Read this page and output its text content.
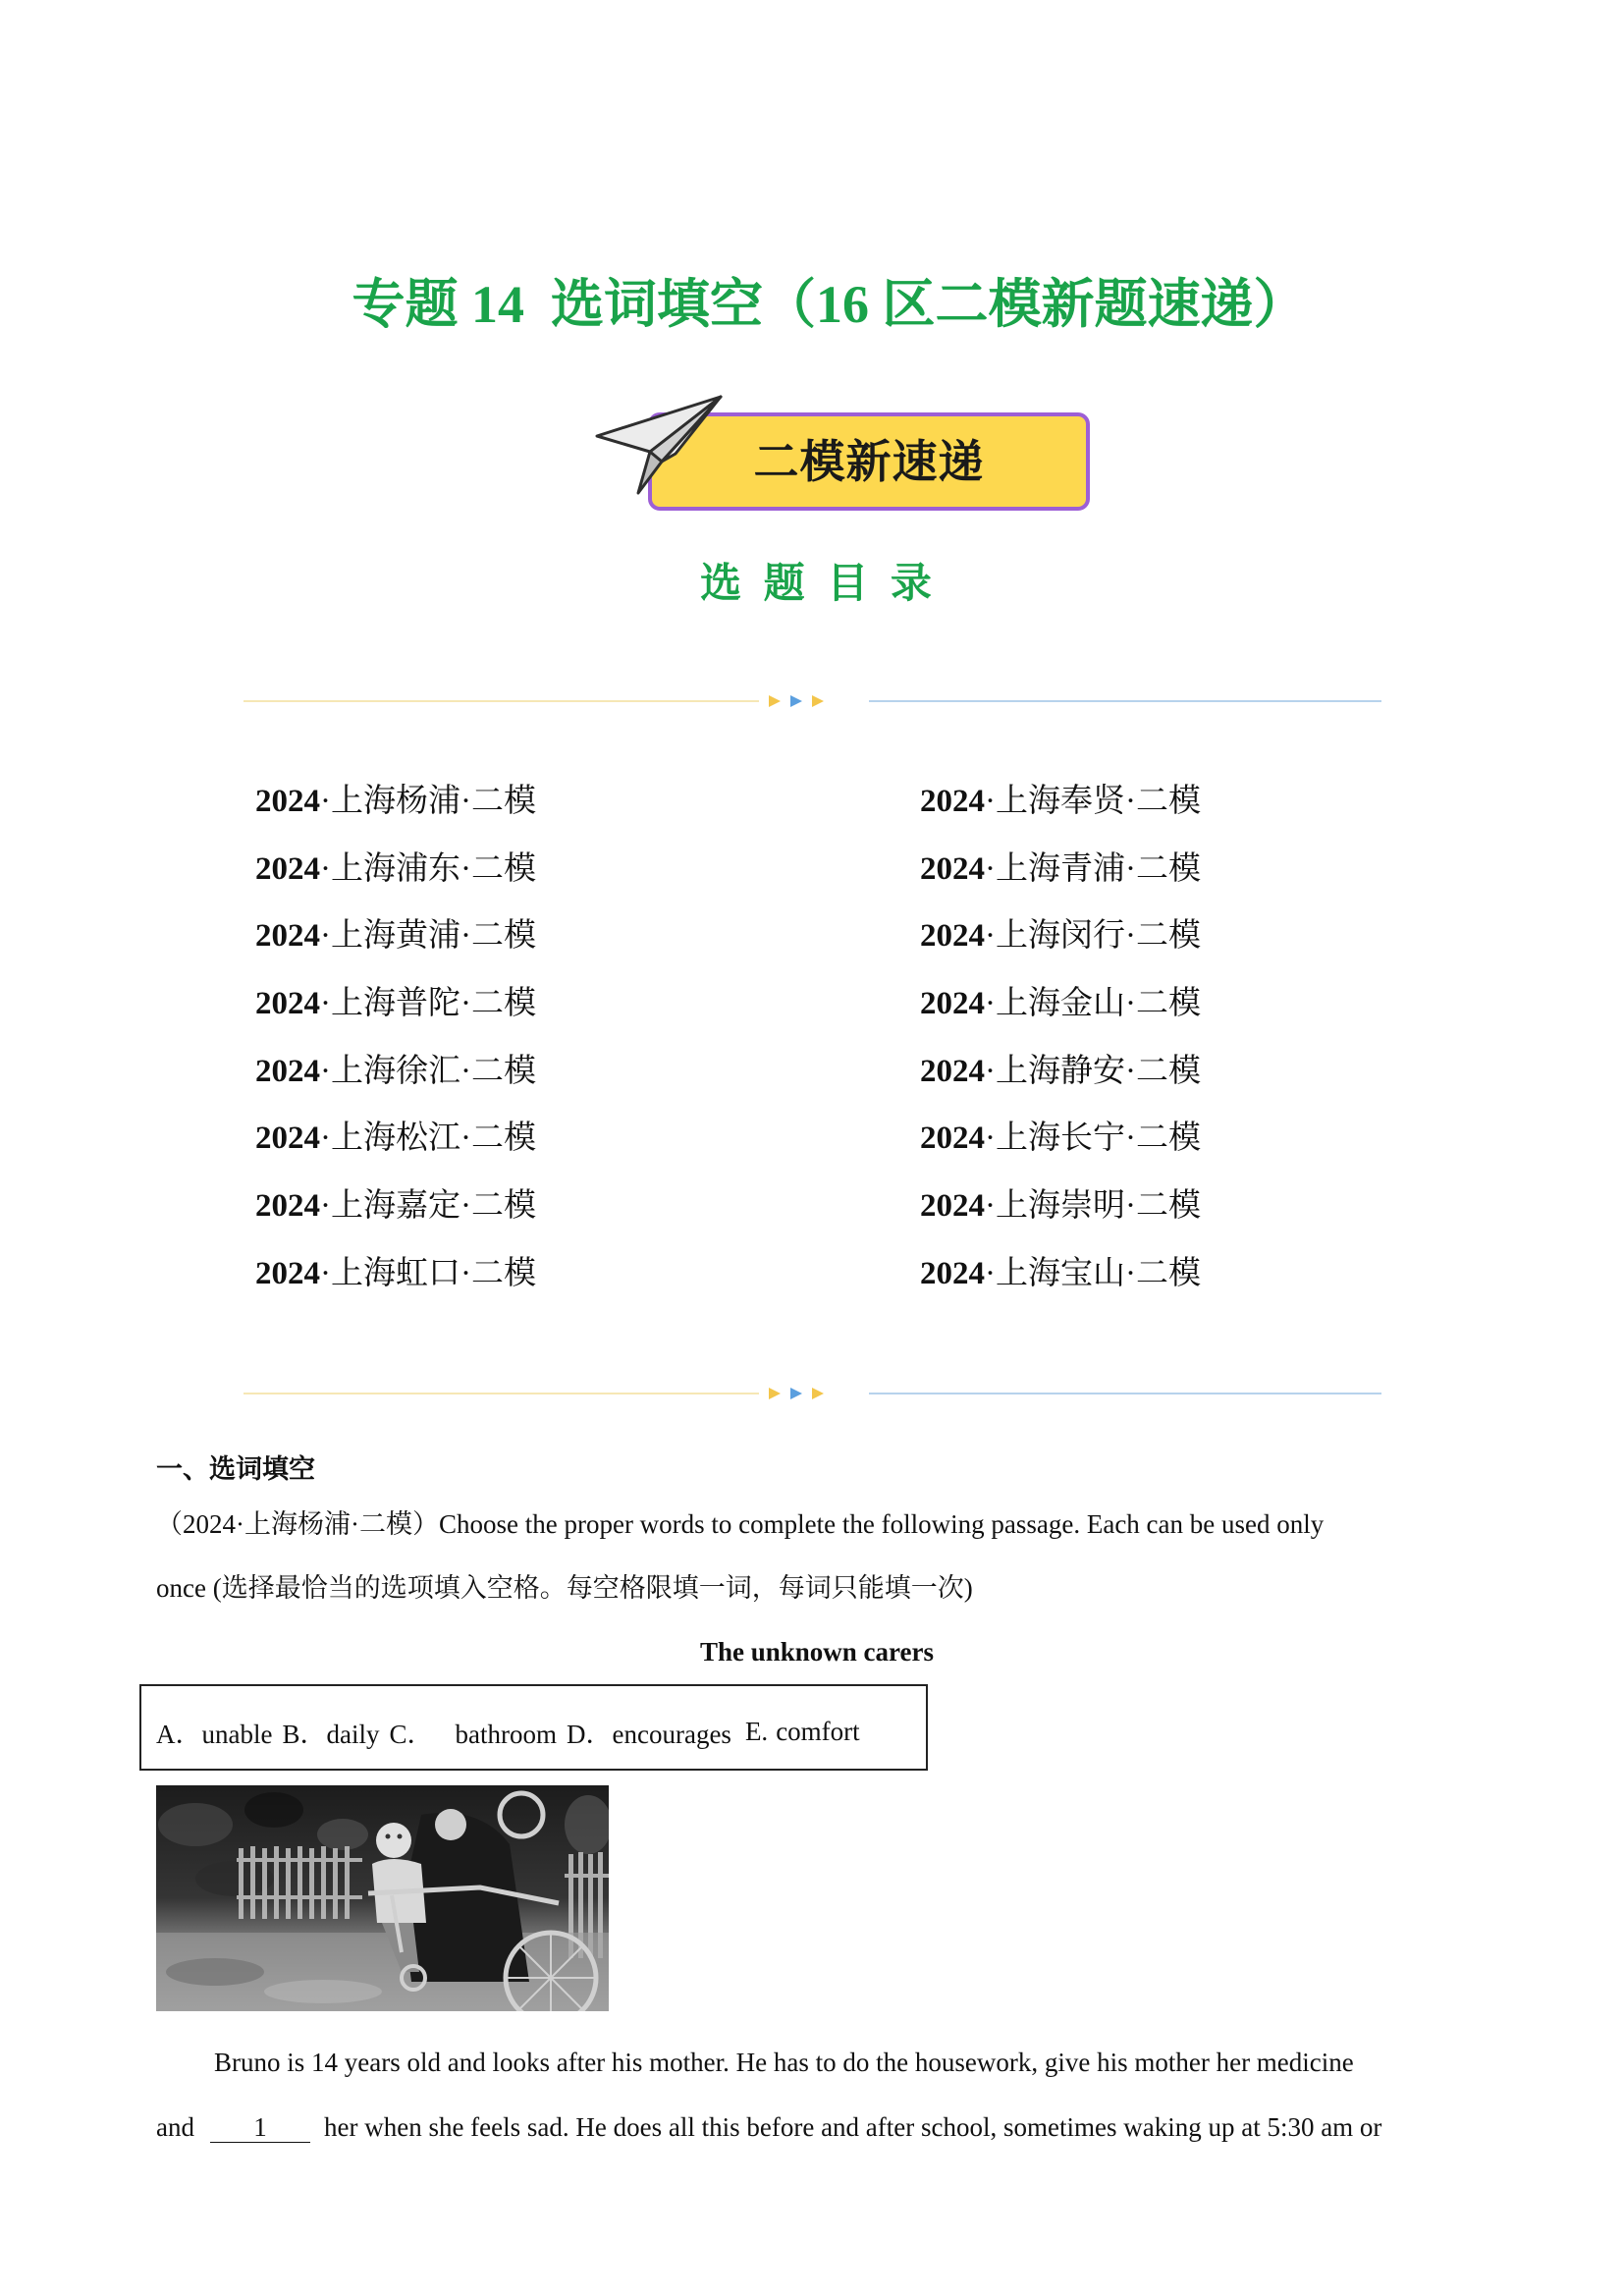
专题 14  选词填空（16 区二模新题速递）
二模新速递
选 题 目 录
2024·上海杨浦·二模
2024·上海浦东·二模
2024·上海黄浦·二模
2024·上海普陀·二模
2024·上海徐汇·二模
2024·上海松江·二模
2024·上海嘉定·二模
2024·上海虹口·二模
2024·上海奉贤·二模
2024·上海青浦·二模
2024·上海闵行·二模
2024·上海金山·二模
2024·上海静安·二模
2024·上海长宁·二模
2024·上海崇明·二模
2024·上海宝山·二模
一、选词填空
（2024·上海杨浦·二模）Choose the proper words to complete the following passage. Each can be used only
once (选择最恰当的选项填入空格。每空格限填一词，每词只能填一次)
The unknown carers
A．unable B．daily C． bathroom D．encourages E. comfort
Bruno is 14 years old and looks after his mother. He has to do the housework, give his mother her medicine
and 1 her when she feels sad. He does all this before and after school, sometimes waking up at 5:30 am or
